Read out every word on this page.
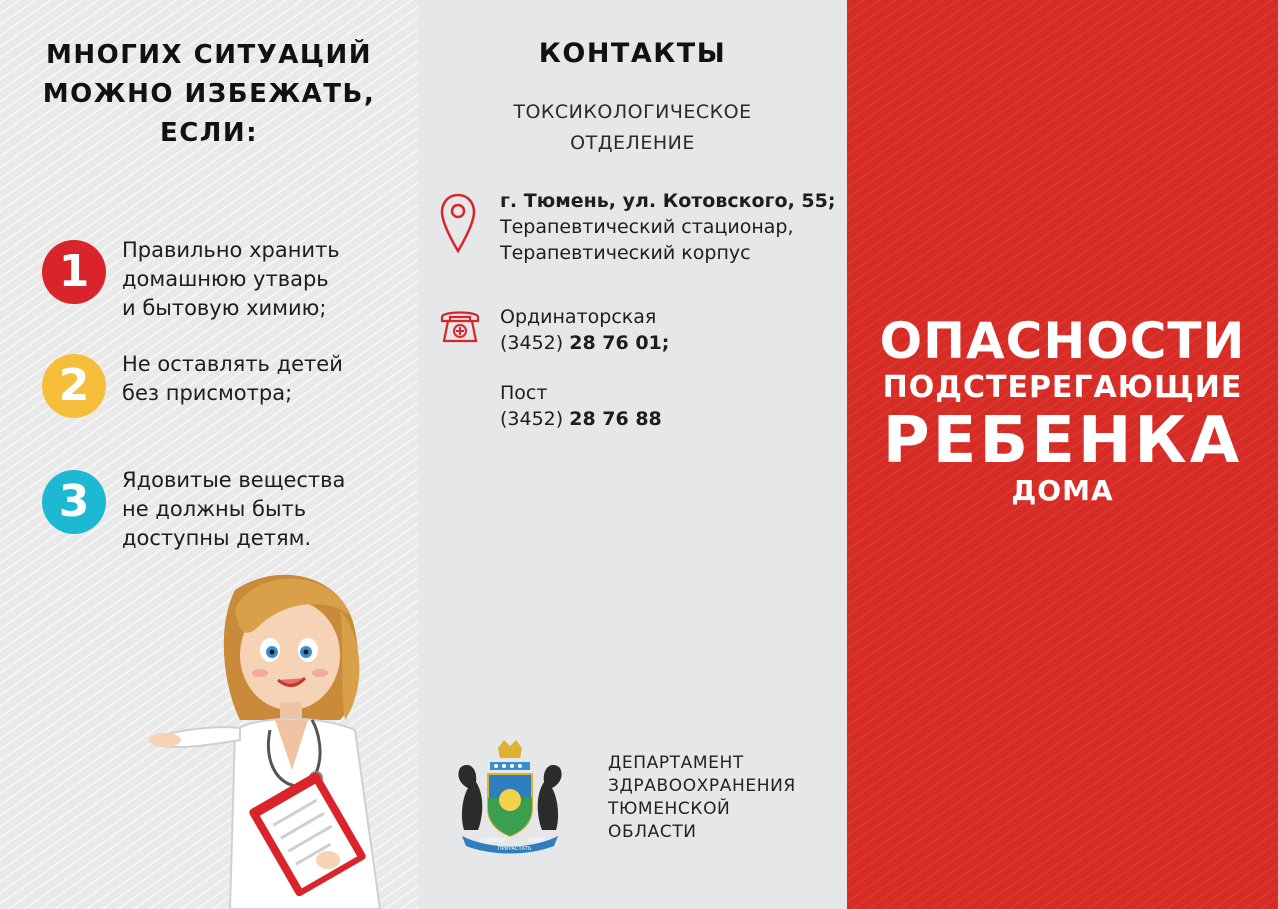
МНОГИХ СИТУАЦИЙ
МОЖНО ИЗБЕЖАТЬ,
ЕСЛИ:
1	Правильно хранить
домашнюю утварь
и бытовую химию;
2	Не оставлять детей
без присмотра;
3	Ядовитые вещества
не должны быть
доступны детям.
КОНТАКТЫ
ТОКСИКОЛОГИЧЕСКОЕ
ОТДЕЛЕНИЕ
г. Тюмень, ул. Котовского, 55;
Терапевтический стационар,
Терапевтический корпус
Ординаторская
(3452) 28 76 01;
Пост
(3452) 28 76 88
СИБИРЬЮ
ПРИРАСТАТЬ
БУДЕТ
ДЕПАРТАМЕНТ
ЗДРАВООХРАНЕНИЯ
ТЮМЕНСКОЙ
ОБЛАСТИ
ОПАСНОСТИ
ПОДСТЕРЕГАЮЩИЕ
РЕБЕНКА
ДОМА
